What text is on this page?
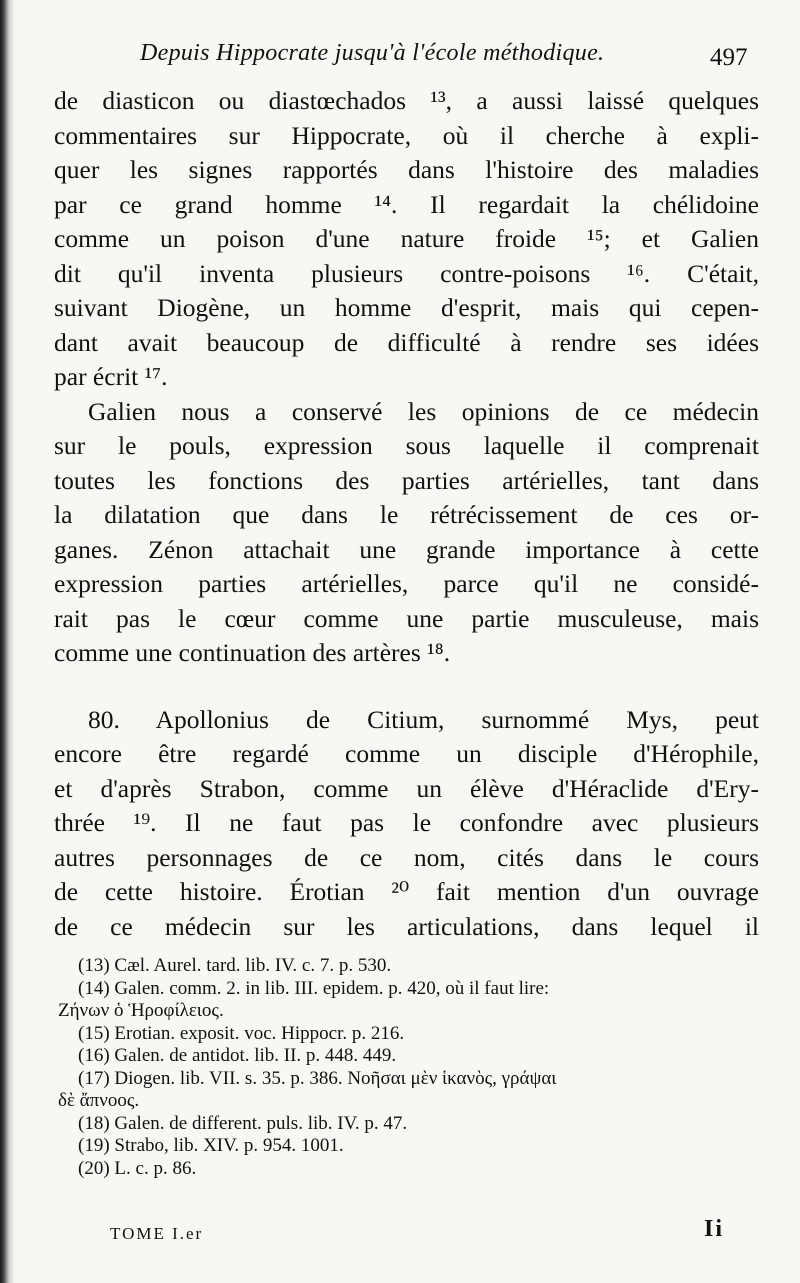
Depuis Hippocrate jusqu'à l'école méthodique.	497
de diasticon ou diastœchados ¹³, a aussi laissé quelques
commentaires sur Hippocrate, où il cherche à expli-
quer les signes rapportés dans l'histoire des maladies
par ce grand homme ¹⁴. Il regardait la chélidoine
comme un poison d'une nature froide ¹⁵; et Galien
dit qu'il inventa plusieurs contre-poisons ¹⁶. C'était,
suivant Diogène, un homme d'esprit, mais qui cepen-
dant avait beaucoup de difficulté à rendre ses idées
par écrit ¹⁷.
Galien nous a conservé les opinions de ce médecin
sur le pouls, expression sous laquelle il comprenait
toutes les fonctions des parties artérielles, tant dans
la dilatation que dans le rétrécissement de ces or-
ganes. Zénon attachait une grande importance à cette
expression parties artérielles, parce qu'il ne considé-
rait pas le cœur comme une partie musculeuse, mais
comme une continuation des artères ¹⁸.
80. Apollonius de Citium, surnommé Mys, peut
encore être regardé comme un disciple d'Hérophile,
et d'après Strabon, comme un élève d'Héraclide d'Ery-
thrée ¹⁹. Il ne faut pas le confondre avec plusieurs
autres personnages de ce nom, cités dans le cours
de cette histoire. Érotian ²⁰ fait mention d'un ouvrage
de ce médecin sur les articulations, dans lequel il
(13) Cæl. Aurel. tard. lib. IV. c. 7. p. 530.
(14) Galen. comm. 2. in lib. III. epidem. p. 420, où il faut lire:
Ζήνων ὁ Ἡροφίλειος.
(15) Erotian. exposit. voc. Hippocr. p. 216.
(16) Galen. de antidot. lib. II. p. 448. 449.
(17) Diogen. lib. VII. s. 35. p. 386. Νοῆσαι μὲν ἱκανὸς, γράψαι
δὲ ἄπνοος.
(18) Galen. de different. puls. lib. IV. p. 47.
(19) Strabo, lib. XIV. p. 954. 1001.
(20) L. c. p. 86.
TOME I.er	Ii
